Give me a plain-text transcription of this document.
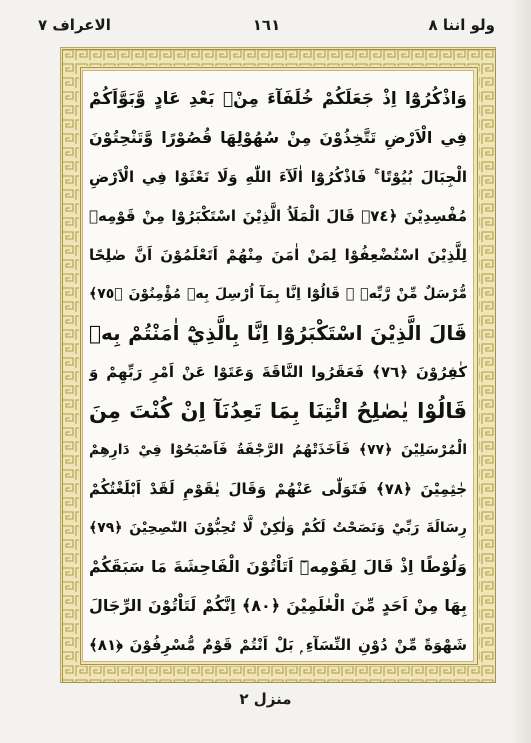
الاعراف ٧	١٦١	ولو اننا ٨
وَاذْكُرُوْٓا اِذْ جَعَلَكُمْ خُلَفَآءَ مِنْۢ بَعْدِ عَادٍ وَّبَوَّاَكُمْ
فِي الْاَرْضِ تَتَّخِذُوْنَ مِنْ سُهُوْلِهَا قُصُوْرًا وَّتَنْحِتُوْنَ
الْجِبَالَ بُيُوْتًا ۚ فَاذْكُرُوْٓا اٰلَآءَ اللّٰهِ وَلَا تَعْثَوْا فِي الْاَرْضِ
مُفْسِدِيْنَ ﴿٧٤﴾ قَالَ الْمَلَاُ الَّذِيْنَ اسْتَكْبَرُوْا مِنْ قَوْمِهٖ
لِلَّذِيْنَ اسْتُضْعِفُوْا لِمَنْ اٰمَنَ مِنْهُمْ اَتَعْلَمُوْنَ اَنَّ صٰلِحًا
مُّرْسَلٌ مِّنْ رَّبِّهٖ ۭ قَالُوْٓا اِنَّا بِمَآ اُرْسِلَ بِهٖ مُؤْمِنُوْنَ ﴿٧٥﴾
قَالَ الَّذِيْنَ اسْتَكْبَرُوْٓا اِنَّا بِالَّذِيْٓ اٰمَنْتُمْ بِهٖ
كٰفِرُوْنَ ﴿٧٦﴾ فَعَقَرُوا النَّاقَةَ وَعَتَوْا عَنْ اَمْرِ رَبِّهِمْ وَ
قَالُوْا يٰصٰلِحُ ائْتِنَا بِمَا تَعِدُنَآ اِنْ كُنْتَ مِنَ
الْمُرْسَلِيْنَ ﴿٧٧﴾ فَاَخَذَتْهُمُ الرَّجْفَةُ فَاَصْبَحُوْا فِيْ دَارِهِمْ
جٰثِمِيْنَ ﴿٧٨﴾ فَتَوَلّٰى عَنْهُمْ وَقَالَ يٰقَوْمِ لَقَدْ اَبْلَغْتُكُمْ
رِسَالَةَ رَبِّيْ وَنَصَحْتُ لَكُمْ وَلٰكِنْ لَّا تُحِبُّوْنَ النّٰصِحِيْنَ ﴿٧٩﴾
وَلُوْطًا اِذْ قَالَ لِقَوْمِهٖٓ اَتَاْتُوْنَ الْفَاحِشَةَ مَا سَبَقَكُمْ
بِهَا مِنْ اَحَدٍ مِّنَ الْعٰلَمِيْنَ ﴿٨٠﴾ اِنَّكُمْ لَتَاْتُوْنَ الرِّجَالَ
شَهْوَةً مِّنْ دُوْنِ النِّسَآءِ ۭ بَلْ اَنْتُمْ قَوْمٌ مُّسْرِفُوْنَ ﴿٨١﴾
منزل ٢
